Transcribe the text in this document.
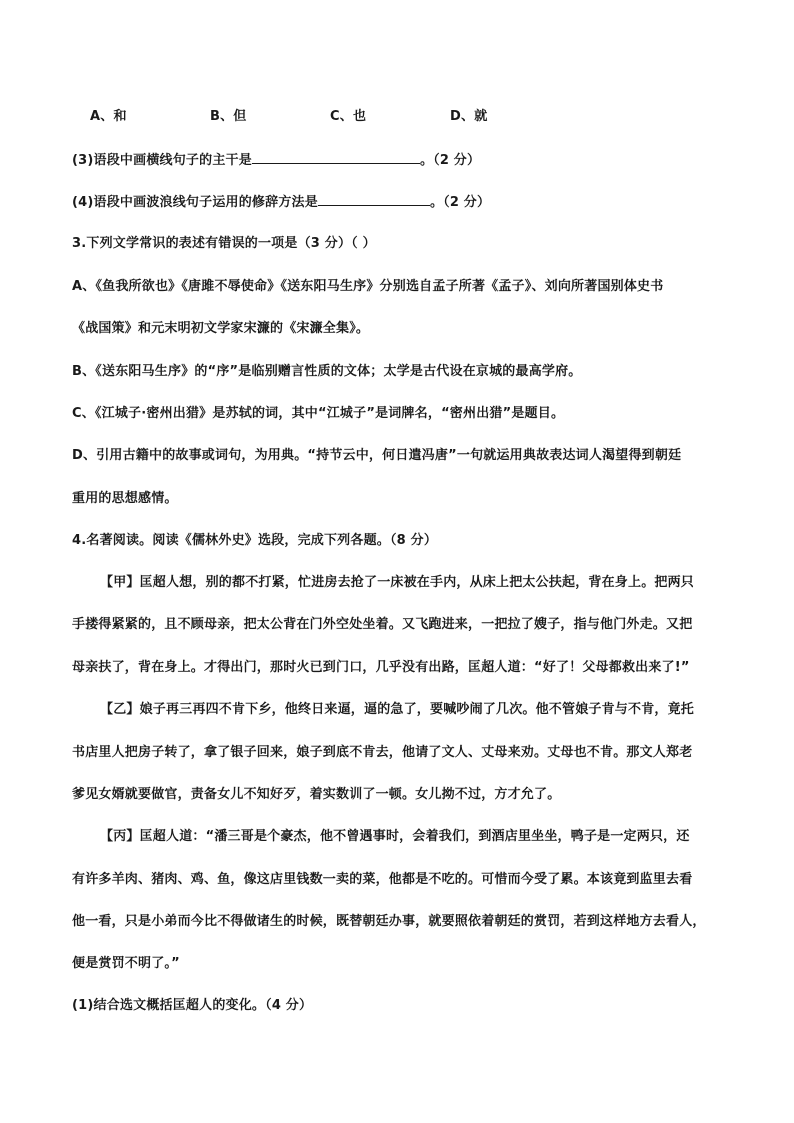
A、和	B、但	C、也	D、就
(3)语段中画横线句子的主干是	。（2 分）
(4)语段中画波浪线句子运用的修辞方法是	。（2 分）
3.下列文学常识的表述有错误的一项是（3 分）（ ）
A、《鱼我所欲也》《唐雎不辱使命》《送东阳马生序》分别选自孟子所著《孟子》、刘向所著国别体史书
《战国策》和元末明初文学家宋濂的《宋濂全集》。
B、《送东阳马生序》的“序”是临别赠言性质的文体；太学是古代设在京城的最高学府。
C、《江城子·密州出猎》是苏轼的词，其中“江城子”是词牌名，“密州出猎”是题目。
D、引用古籍中的故事或词句，为用典。“持节云中，何日遣冯唐”一句就运用典故表达词人渴望得到朝廷
重用的思想感情。
4.名著阅读。阅读《儒林外史》选段，完成下列各题。（8 分）
【甲】匡超人想，别的都不打紧，忙进房去抢了一床被在手内，从床上把太公扶起，背在身上。把两只
手搂得紧紧的，且不顾母亲，把太公背在门外空处坐着。又飞跑进来，一把拉了嫂子，指与他门外走。又把
母亲扶了，背在身上。才得出门，那时火已到门口，几乎没有出路，匡超人道：“好了！父母都救出来了!”
【乙】娘子再三再四不肯下乡，他终日来逼，逼的急了，要喊吵闹了几次。他不管娘子肯与不肯，竟托
书店里人把房子转了，拿了银子回来，娘子到底不肯去，他请了文人、丈母来劝。丈母也不肯。那文人郑老
爹见女婿就要做官，责备女儿不知好歹，着实数训了一顿。女儿拗不过，方才允了。
【丙】匡超人道：“潘三哥是个豪杰，他不曾遇事时，会着我们，到酒店里坐坐，鸭子是一定两只，还
有许多羊肉、猪肉、鸡、鱼，像这店里钱数一卖的菜，他都是不吃的。可惜而今受了累。本该竟到监里去看
他一看，只是小弟而今比不得做诸生的时候，既替朝廷办事，就要照依着朝廷的赏罚，若到这样地方去看人，
便是赏罚不明了。”
(1)结合选文概括匡超人的变化。（4 分）
